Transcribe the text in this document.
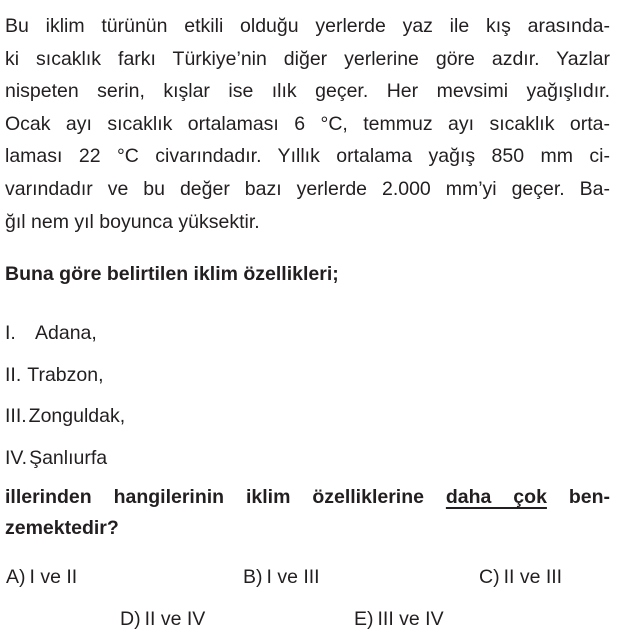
Bu iklim türünün etkili olduğu yerlerde yaz ile kış arasında-
ki sıcaklık farkı Türkiye’nin diğer yerlerine göre azdır. Yazlar
nispeten serin, kışlar ise ılık geçer. Her mevsimi yağışlıdır.
Ocak ayı sıcaklık ortalaması 6 °C, temmuz ayı sıcaklık orta-
laması 22 °C civarındadır. Yıllık ortalama yağış 850 mm ci-
varındadır ve bu değer bazı yerlerde 2.000 mm’yi geçer. Ba-
ğıl nem yıl boyunca yüksektir.
Buna göre belirtilen iklim özellikleri;
I. Adana,
II. Trabzon,
III. Zonguldak,
IV. Şanlıurfa
illerinden hangilerinin iklim özelliklerine daha çok ben-
zemektedir?
A) I ve II	B) I ve III	C) II ve III
D) II ve IV	E) III ve IV
